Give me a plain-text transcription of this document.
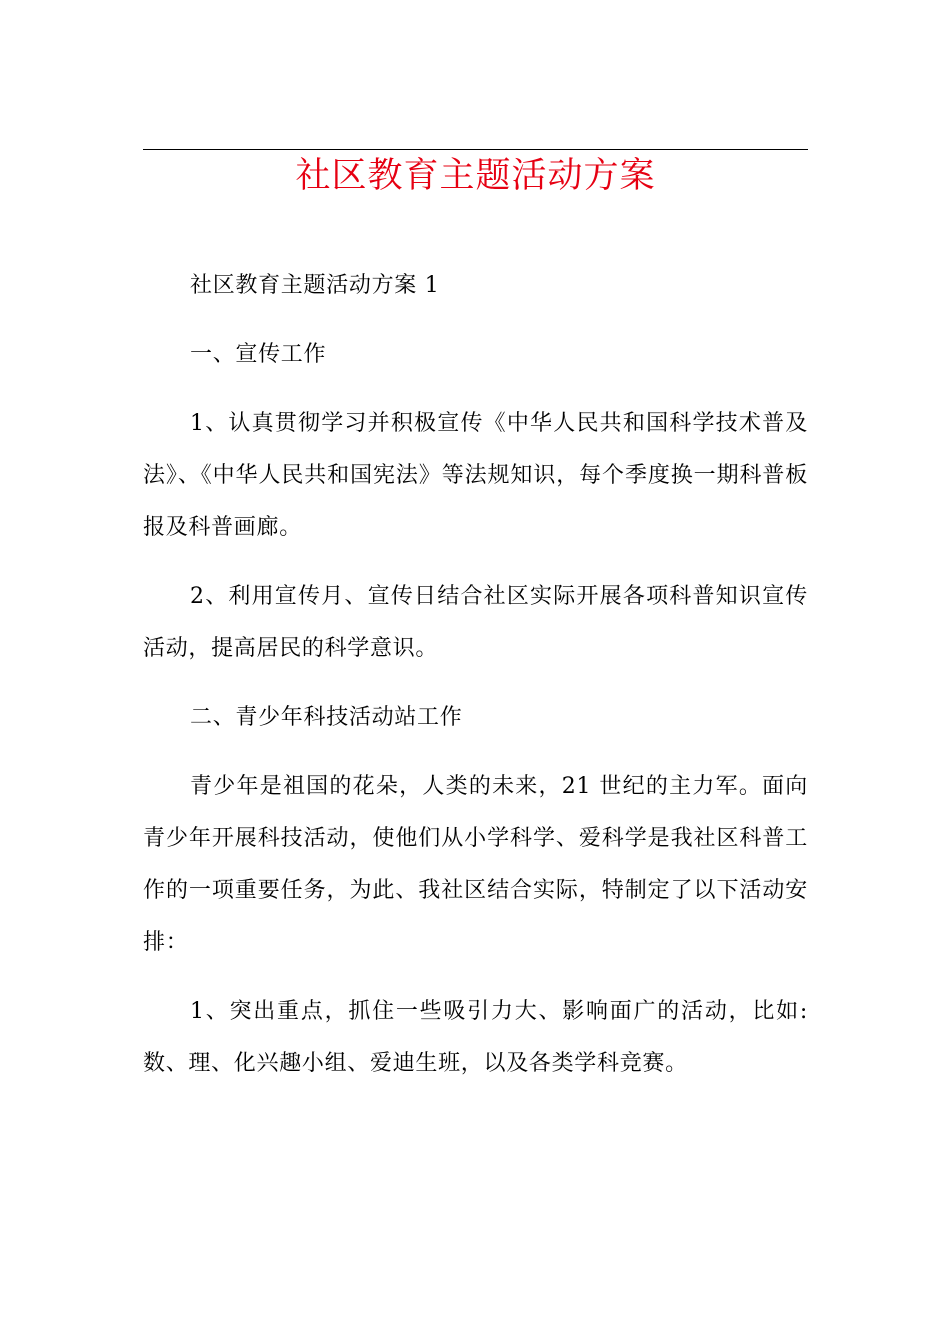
社区教育主题活动方案

社区教育主题活动方案 1

一、宣传工作

1、认真贯彻学习并积极宣传《中华人民共和国科学技术普及法》、《中华人民共和国宪法》等法规知识，每个季度换一期科普板报及科普画廊。

2、利用宣传月、宣传日结合社区实际开展各项科普知识宣传活动，提高居民的科学意识。

二、青少年科技活动站工作

青少年是祖国的花朵，人类的未来，21 世纪的主力军。面向青少年开展科技活动，使他们从小学科学、爱科学是我社区科普工作的一项重要任务，为此、我社区结合实际，特制定了以下活动安排：

1、突出重点，抓住一些吸引力大、影响面广的活动，比如:数、理、化兴趣小组、爱迪生班，以及各类学科竞赛。
